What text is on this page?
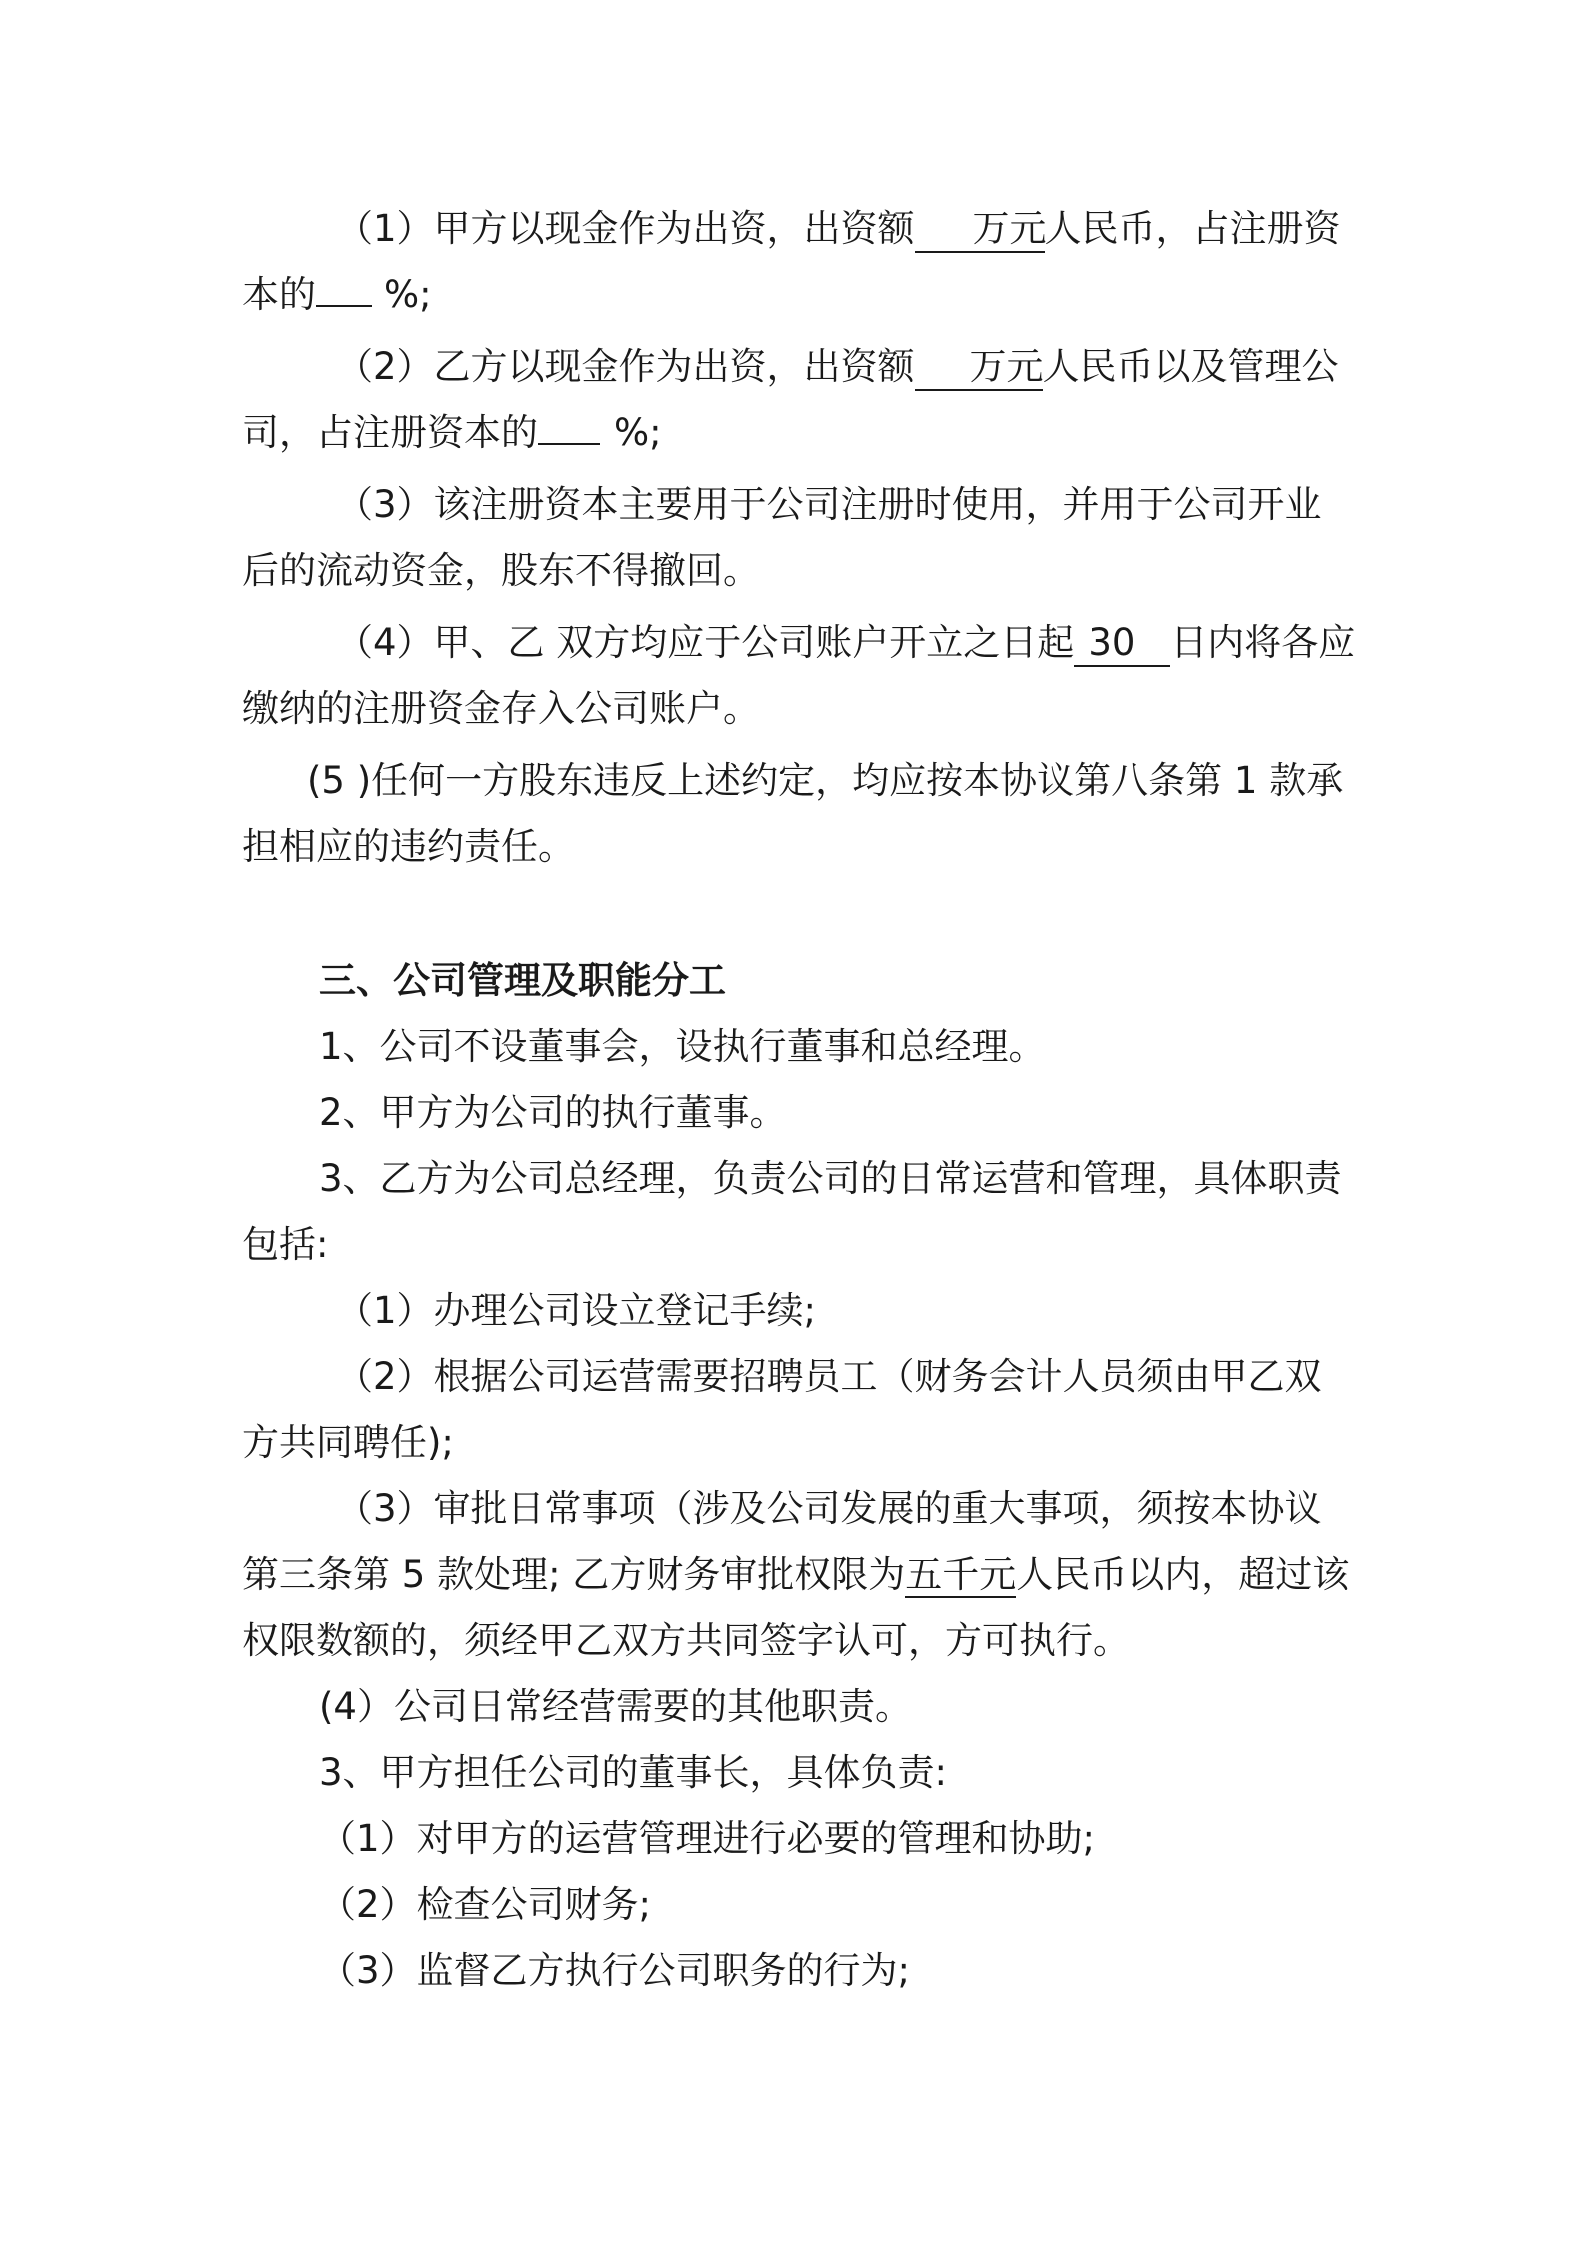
（1）甲方以现金作为出资，出资额 万元人民币，占注册资本的 %;

（2）乙方以现金作为出资，出资额 万元人民币以及管理公司，占注册资本的 %;

（3）该注册资本主要用于公司注册时使用，并用于公司开业后的流动资金，股东不得撤回。

（4）甲、乙 双方均应于公司账户开立之日起 30 日内将各应缴纳的注册资金存入公司账户。

(5 )任何一方股东违反上述约定，均应按本协议第八条第 1 款承担相应的违约责任。

三、公司管理及职能分工

1、公司不设董事会，设执行董事和总经理。

2、甲方为公司的执行董事。

3、乙方为公司总经理，负责公司的日常运营和管理，具体职责包括:

（1）办理公司设立登记手续;

（2）根据公司运营需要招聘员工（财务会计人员须由甲乙双方共同聘任);

（3）审批日常事项（涉及公司发展的重大事项，须按本协议第三条第 5 款处理; 乙方财务审批权限为五千元人民币以内，超过该权限数额的，须经甲乙双方共同签字认可，方可执行。

(4）公司日常经营需要的其他职责。

3、甲方担任公司的董事长，具体负责:

（1）对甲方的运营管理进行必要的管理和协助;

（2）检查公司财务;

（3）监督乙方执行公司职务的行为;
